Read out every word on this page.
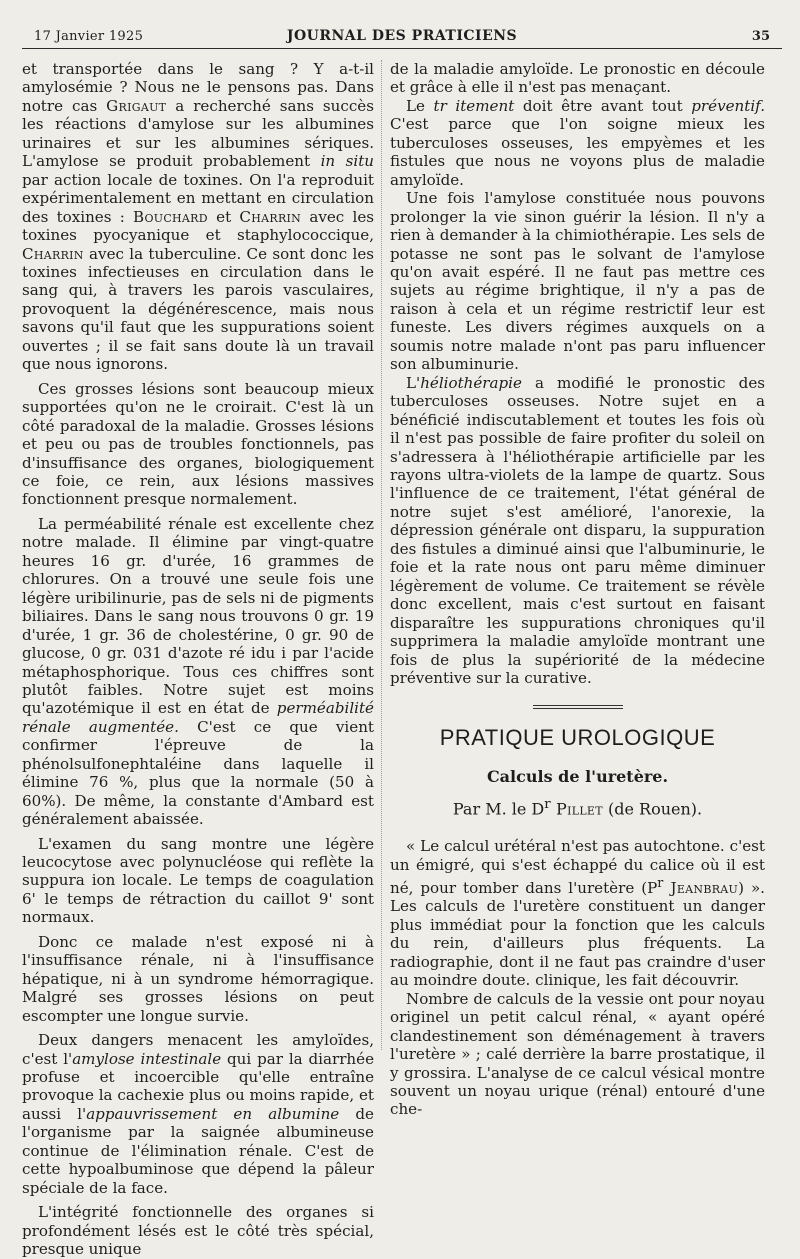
17 Janvier 1925	JOURNAL DES PRATICIENS	35

et transportée dans le sang ? Y a-t-il amylosémie ? Nous ne le pensons pas. Dans notre cas Grigaut a recherché sans succès les réactions d'amylose sur les albumines urinaires et sur les albumines sériques. L'amylose se produit probablement in situ par action locale de toxines. On l'a reproduit expérimentalement en mettant en circulation des toxines : Bouchard et Charrin avec les toxines pyocyanique et staphylococcique, Charrin avec la tuberculine. Ce sont donc les toxines infectieuses en circulation dans le sang qui, à travers les parois vasculaires, provoquent la dégénérescence, mais nous savons qu'il faut que les suppurations soient ouvertes ; il se fait sans doute là un travail que nous ignorons.

Ces grosses lésions sont beaucoup mieux supportées qu'on ne le croirait. C'est là un côté paradoxal de la maladie. Grosses lésions et peu ou pas de troubles fonctionnels, pas d'insuffisance des organes, biologiquement ce foie, ce rein, aux lésions massives fonctionnent presque normalement.

La perméabilité rénale est excellente chez notre malade. Il élimine par vingt-quatre heures 16 gr. d'urée, 16 grammes de chlorures. On a trouvé une seule fois une légère uribilinurie, pas de sels ni de pigments biliaires. Dans le sang nous trouvons 0 gr. 19 d'urée, 1 gr. 36 de cholestérine, 0 gr. 90 de glucose, 0 gr. 031 d'azote ré idu i par l'acide métaphosphorique. Tous ces chiffres sont plutôt faibles. Notre sujet est moins qu'azotémique il est en état de perméabilité rénale augmentée. C'est ce que vient confirmer l'épreuve de la phénolsulfonephtaléine dans laquelle il élimine 76 %, plus que la normale (50 à 60%). De même, la constante d'Ambard est généralement abaissée.

L'examen du sang montre une légère leucocytose avec polynucléose qui reflète la suppura ion locale. Le temps de coagulation 6' le temps de rétraction du caillot 9' sont normaux.

Donc ce malade n'est exposé ni à l'insuffisance rénale, ni à l'insuffisance hépatique, ni à un syndrome hémorragique. Malgré ses grosses lésions on peut escompter une longue survie.

Deux dangers menacent les amyloïdes, c'est l'amylose intestinale qui par la diarrhée profuse et incoercible qu'elle entraîne provoque la cachexie plus ou moins rapide, et aussi l'appauvrissement en albumine de l'organisme par la saignée albumineuse continue de l'élimination rénale. C'est de cette hypoalbuminose que dépend la pâleur spéciale de la face.

L'intégrité fonctionnelle des organes si profondément lésés est le côté très spécial, presque unique

de la maladie amyloïde. Le pronostic en découle et grâce à elle il n'est pas menaçant.

Le tr itement doit être avant tout préventif. C'est parce que l'on soigne mieux les tuberculoses osseuses, les empyèmes et les fistules que nous ne voyons plus de maladie amyloïde.

Une fois l'amylose constituée nous pouvons prolonger la vie sinon guérir la lésion. Il n'y a rien à demander à la chimiothérapie. Les sels de potasse ne sont pas le solvant de l'amylose qu'on avait espéré. Il ne faut pas mettre ces sujets au régime brightique, il n'y a pas de raison à cela et un régime restrictif leur est funeste. Les divers régimes auxquels on a soumis notre malade n'ont pas paru influencer son albuminurie.

L'héliothérapie a modifié le pronostic des tuberculoses osseuses. Notre sujet en a bénéficié indiscutablement et toutes les fois où il n'est pas possible de faire profiter du soleil on s'adressera à l'héliothérapie artificielle par les rayons ultra-violets de la lampe de quartz. Sous l'influence de ce traitement, l'état général de notre sujet s'est amélioré, l'anorexie, la dépression générale ont disparu, la suppuration des fistules a diminué ainsi que l'albuminurie, le foie et la rate nous ont paru même diminuer légèrement de volume. Ce traitement se révèle donc excellent, mais c'est surtout en faisant disparaître les suppurations chroniques qu'il supprimera la maladie amyloïde montrant une fois de plus la supériorité de la médecine préventive sur la curative.

PRATIQUE UROLOGIQUE

Calculs de l'uretère.

Par M. le $D^r$ Pillet (de Rouen).

« Le calcul urétéral n'est pas autochtone. c'est un émigré, qui s'est échappé du calice où il est né, pour tomber dans l'uretère ($P^r$ Jeanbrau) ». Les calculs de l'uretère constituent un danger plus immédiat pour la fonction que les calculs du rein, d'ailleurs plus fréquents. La radiographie, dont il ne faut pas craindre d'user au moindre doute. clinique, les fait découvrir.

Nombre de calculs de la vessie ont pour noyau originel un petit calcul rénal, « ayant opéré clandestinement son déménagement à travers l'uretère » ; calé derrière la barre prostatique, il y grossira. L'analyse de ce calcul vésical montre souvent un noyau urique (rénal) entouré d'une che-
